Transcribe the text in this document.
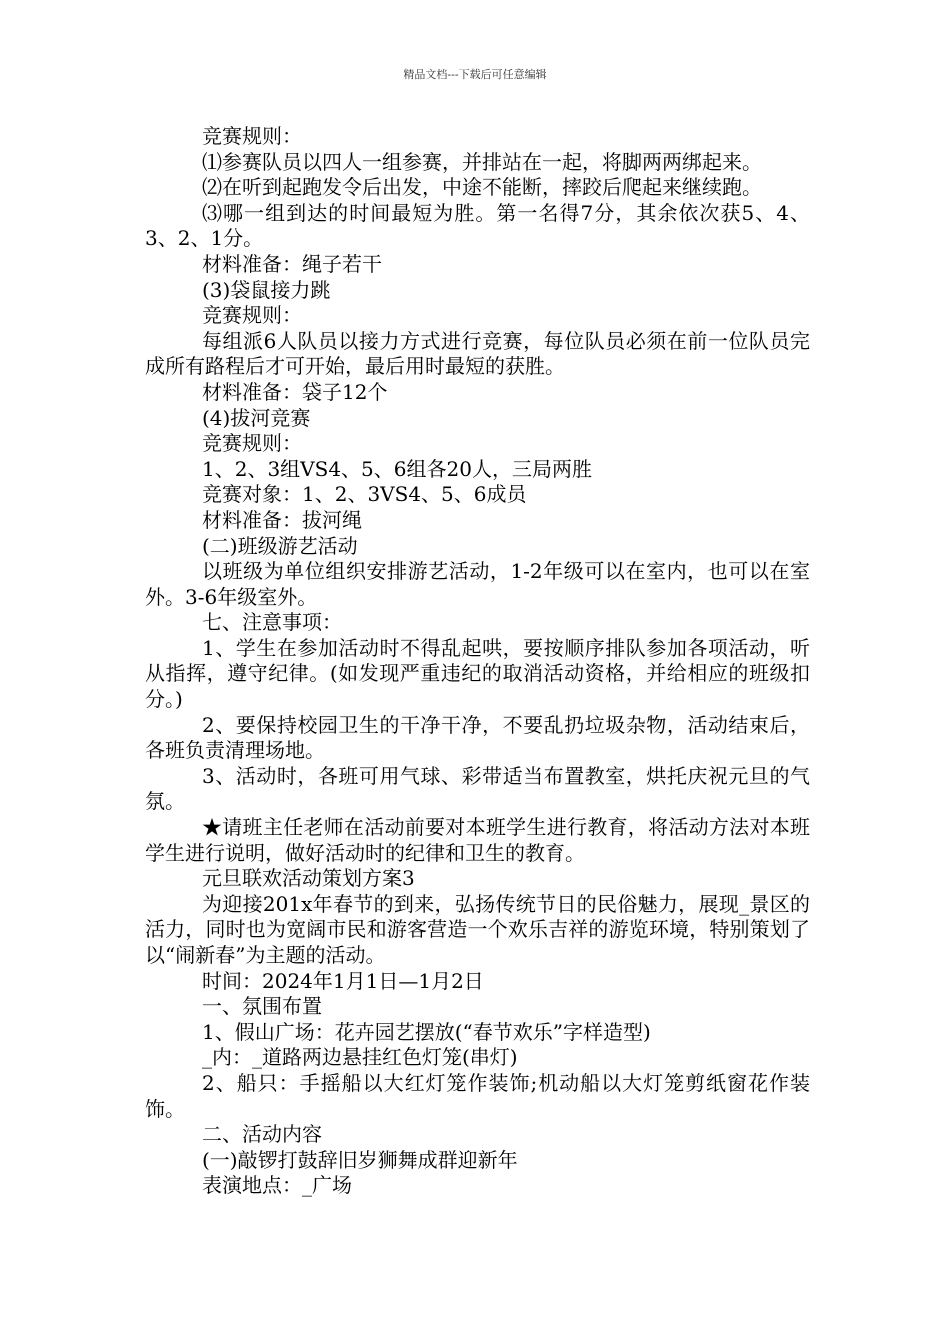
精品文档---下载后可任意编辑

竞赛规则：

⑴参赛队员以四人一组参赛，并排站在一起，将脚两两绑起来。

⑵在听到起跑发令后出发，中途不能断，摔跤后爬起来继续跑。

⑶哪一组到达的时间最短为胜。第一名得7分，其余依次获5、4、3、2、1分。

材料准备：绳子若干

(3)袋鼠接力跳

竞赛规则：

每组派6人队员以接力方式进行竞赛，每位队员必须在前一位队员完成所有路程后才可开始，最后用时最短的获胜。

材料准备：袋子12个

(4)拔河竞赛

竞赛规则：

1、2、3组VS4、5、6组各20人，三局两胜

竞赛对象：1、2、3VS4、5、6成员

材料准备：拔河绳

(二)班级游艺活动

以班级为单位组织安排游艺活动，1-2年级可以在室内，也可以在室外。3-6年级室外。

七、注意事项：

1、学生在参加活动时不得乱起哄，要按顺序排队参加各项活动，听从指挥，遵守纪律。(如发现严重违纪的取消活动资格，并给相应的班级扣分。)

2、要保持校园卫生的干净干净，不要乱扔垃圾杂物，活动结束后，各班负责清理场地。

3、活动时，各班可用气球、彩带适当布置教室，烘托庆祝元旦的气氛。

★请班主任老师在活动前要对本班学生进行教育，将活动方法对本班学生进行说明，做好活动时的纪律和卫生的教育。

元旦联欢活动策划方案3

为迎接201x年春节的到来，弘扬传统节日的民俗魅力，展现_景区的活力，同时也为宽阔市民和游客营造一个欢乐吉祥的游览环境，特别策划了以“闹新春”为主题的活动。

时间：2024年1月1日—1月2日

一、氛围布置

1、假山广场：花卉园艺摆放(“春节欢乐”字样造型)

_内：_道路两边悬挂红色灯笼(串灯)

2、船只：手摇船以大红灯笼作装饰;机动船以大灯笼剪纸窗花作装饰。

二、活动内容

(一)敲锣打鼓辞旧岁狮舞成群迎新年

表演地点：_广场
